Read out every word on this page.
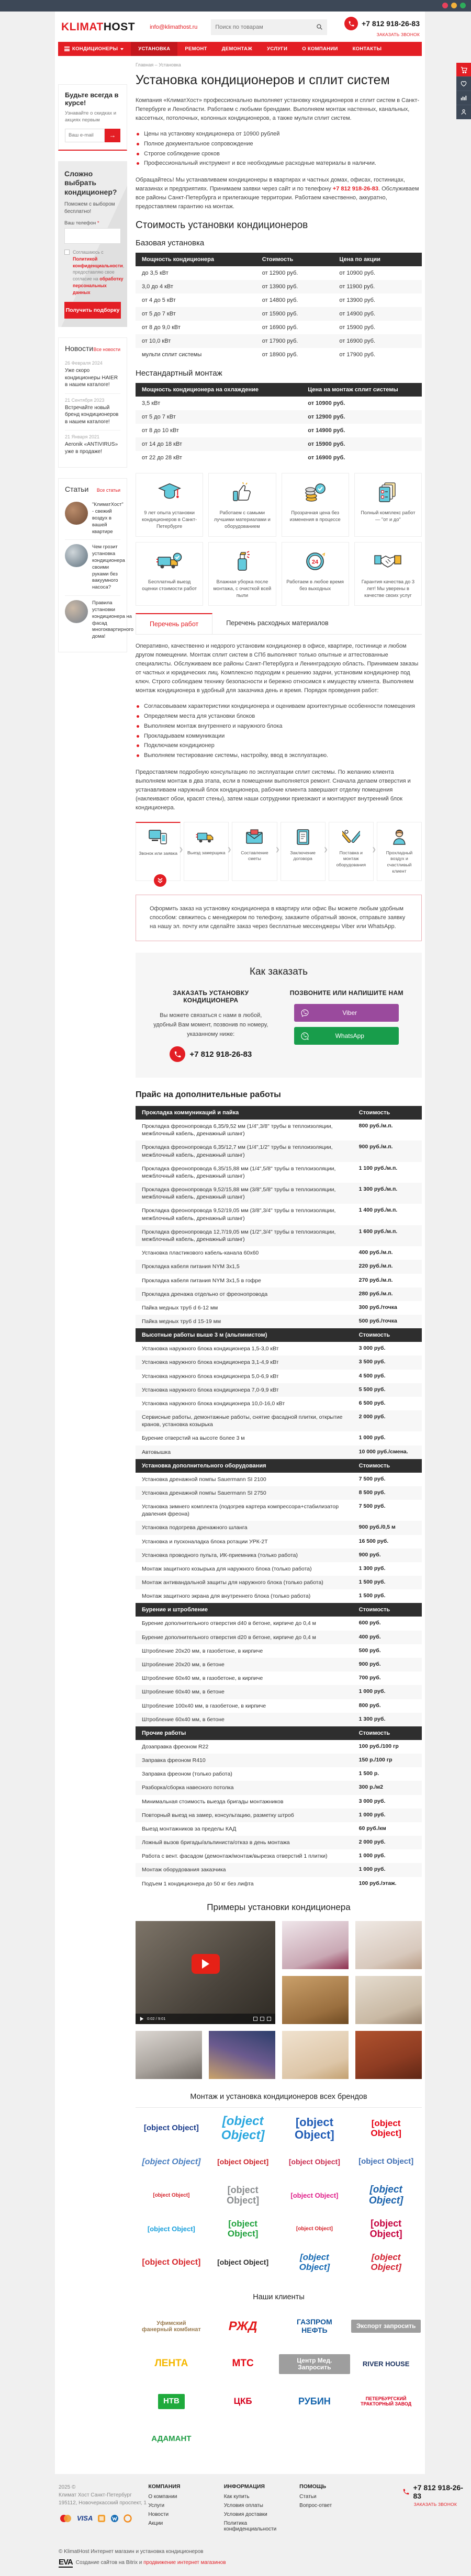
KLIMATHOST	info@klimathost.ru
Поиск по товарам	+7 812 918-26-83
ЗАКАЗАТЬ ЗВОНОК
КОНДИЦИОНЕРЫ	УСТАНОВКА	РЕМОНТ	ДЕМОНТАЖ	УСЛУГИ	О КОМПАНИИ	КОНТАКТЫ
Будьте всегда в курсе!
Узнавайте о скидках и акциях первым
Ваш e-mail
→
Сложно выбрать кондиционер?
Поможем с выбором бесплатно!
Ваш телефон *
Соглашаюсь с Политикой конфиденциальности, предоставляю свое согласие на обработку персональных данных
Получить подборку
Новости Все новости
26 Февраля 2024
Уже скоро кондиционеры HAIER в нашем каталоге!
21 Сентября 2023
Встречайте новый бренд кондиционеров в нашем каталоге!
21 Января 2021
Aeronik «ANTIVIRUS» уже в продаже!
Статьи Все статьи
"КлиматХост" - свежий воздух в вашей квартире
Чем грозит установка кондиционера своими руками без вакуумного насоса?
Правила установки кондиционера на фасад многоквартирного дома!
Главная – Установка
Установка кондиционеров и сплит систем

Компания «КлиматХост» профессионально выполняет установку кондиционеров и сплит систем в Санкт-Петербурге и Ленобласти. Работаем с любыми брендами. Выполняем монтаж настенных, канальных, кассетных, потолочных, колонных кондиционеров, а также мульти сплит систем.

Цены на установку кондиционера от 10900 рублей
Полное документальное сопровождение
Строгое соблюдение сроков
Профессиональный инструмент и все необходимые расходные материалы в наличии.

Обращайтесь! Мы устанавливаем кондиционеры в квартирах и частных домах, офисах, гостиницах, магазинах и предприятиях. Принимаем заявки через сайт и по телефону +7 812 918-26-83. Обслуживаем все районы Санкт-Петербурга и прилегающие территории. Работаем качественно, аккуратно, предоставляем гарантию на монтаж.

Стоимость установки кондиционеров
Базовая установка
Мощность кондиционера	Стоимость	Цена по акции
до 3,5 кВт	от 12900 руб.	от 10900 руб.
3,0 до 4 кВт	от 13900 руб.	от 11900 руб.
от 4 до 5 кВт	от 14800 руб.	от 13900 руб.
от 5 до 7 кВт	от 15900 руб.	от 14900 руб.
от 8 до 9,0 кВт	от 16900 руб.	от 15900 руб.
от 10,0 кВт	от 17900 руб.	от 16900 руб.
мульти сплит системы	от 18900 руб.	от 17900 руб.
Нестандартный монтаж
Мощность кондиционера на охлаждение	Цена на монтаж сплит системы
3,5 кВт	от 10900 руб.
от 5 до 7 кВт	от 12900 руб.
от 8 до 10 кВт	от 14900 руб.
от 14 до 18 кВт	от 15900 руб.
от 22 до 28 кВт	от 16900 руб.
9 лет опыта установки кондиционеров в Санкт-Петербурге
Работаем с самыми лучшими материалами и оборудованием
Прозрачная цена без изменения в процессе
Полный комплекс работ — "от и до"
Бесплатный выезд оценки стоимости работ
Влажная уборка после монтажа, с очисткой всей пыли
24
Работаем в любое время без выходных
Гарантия качества до 3 лет! Мы уверены в качестве своих услуг
Перечень работ	Перечень расходных материалов

Оперативно, качественно и недорого установим кондиционер в офисе, квартире, гостинице и любом другом помещении. Монтаж сплит систем в СПб выполняют только опытные и аттестованные специалисты. Обслуживаем все районы Санкт-Петербурга и Ленинградскую область. Принимаем заказы от частных и юридических лиц. Комплексно подходим к решению задачи, установим кондиционер под ключ. Строго соблюдаем технику безопасности и бережно относимся к имуществу клиента. Выполняем монтаж кондиционера в удобный для заказчика день и время. Порядок проведения работ:

Согласовываем характеристики кондиционера и оцениваем архитектурные особенности помещения
Определяем места для установки блоков
Выполняем монтаж внутреннего и наружного блока
Прокладываем коммуникации
Подключаем кондиционер
Выполняем тестирование системы, настройку, ввод в эксплуатацию.

Предоставляем подробную консультацию по эксплуатации сплит системы. По желанию клиента выполняем монтаж в два этапа, если в помещении выполняется ремонт. Сначала делаем отверстия и устанавливаем наружный блок кондиционера, рабочие клиента завершают отделку помещения (наклеивают обои, красят стены), затем наши сотрудники приезжают и монтируют внутренний блок кондиционера.

Звонок или заявка
❯ Выезд замерщика
❯
Составление сметы
❯
Заключение договора
❯
Поставка и монтаж оборудования
❯
Прохладный воздух и счастливый клиент

Оформить заказ на установку кондиционера в квартиру или офис Вы можете любым удобным способом: свяжитесь с менеджером по телефону, закажите обратный звонок, отправьте заявку на нашу эл. почту или сделайте заказ через бесплатные мессенджеры Viber или WhatsApp.

Как заказать
ЗАКАЗАТЬ УСТАНОВКУ КОНДИЦИОНЕРА
Вы можете связаться с нами в любой, удобный Вам момент, позвонив по номеру, указанному ниже:
+7 812 918-26-83
ПОЗВОНИТЕ ИЛИ НАПИШИТЕ НАМ
Viber
WhatsApp
Прайс на дополнительные работы
Прокладка коммуникаций и пайка	Стоимость
Прокладка фреонопровода 6,35/9,52 мм (1/4",3/8" трубы в теплоизоляции, межблочный кабель, дренажный шланг)
800 руб./м.п.
Прокладка фреонопровода 6,35/12,7 мм (1/4",1/2" трубы в теплоизоляции, межблочный кабель, дренажный шланг)
900 руб./м.п.
Прокладка фреонопровода 6,35/15,88 мм (1/4",5/8" трубы в теплоизоляции, межблочный кабель, дренажный шланг)
1 100 руб./м.п.
Прокладка фреонопровода 9,52/15,88 мм (3/8",5/8" трубы в теплоизоляции, межблочный кабель, дренажный шланг)
1 300 руб./м.п.
Прокладка фреонопровода 9,52/19,05 мм (3/8",3/4" трубы в теплоизоляции, межблочный кабель, дренажный шланг)
1 400 руб./м.п.
Прокладка фреонопровода 12,7/19,05 мм (1/2",3/4" трубы в теплоизоляции, межблочный кабель, дренажный шланг)
1 600 руб./м.п.
Установка пластикового кабель-канала 60х60	400 руб./м.п.
Прокладка кабеля питания NYM 3х1,5	220 руб./м.п.
Прокладка кабеля питания NYM 3х1,5 в гофре	270 руб./м.п.
Прокладка дренажа отдельно от фреонопровода	280 руб./м.п.
Пайка медных труб d 6-12 мм	300 руб./точка
Пайка медных труб d 15-19 мм	500 руб./точка
Высотные работы выше 3 м (альпинистом)	Стоимость
Установка наружного блока кондиционера 1,5-3,0 кВт	3 000 руб.
Установка наружного блока кондиционера 3,1-4,9 кВт	3 500 руб.
Установка наружного блока кондиционера 5,0-6,9 кВт	4 500 руб.
Установка наружного блока кондиционера 7,0-9,9 кВт	5 500 руб.
Установка наружного блока кондиционера 10,0-16,0 кВт	6 500 руб.
Сервисные работы, демонтажные работы, снятие фасадной плитки, открытие кранов, установка козырька
2 000 руб.
Бурение отверстий на высоте более 3 м	1 000 руб.
Автовышка	10 000 руб./смена.
Установка дополнительного оборудования	Стоимость
Установка дренажной помпы Sauermann SI 2100	7 500 руб.
Установка дренажной помпы Sauermann SI 2750	8 500 руб.
Установка зимнего комплекта (подогрев картера компрессора+стабилизатор давления фреона)
7 500 руб.
Установка подогрева дренажного шланга	900 руб./0,5 м
Установка и пусконаладка блока ротации УРК-2Т	16 500 руб.
Установка проводного пульта, ИК-приемника (только работа)	900 руб.
Монтаж защитного козырька для наружного блока (только работа)	1 300 руб.
Монтаж антивандальной защиты для наружного блока (только работа)	1 500 руб.
Монтаж защитного экрана для внутреннего блока (только работа)	1 500 руб.
Бурение и штробление	Стоимость
Бурение дополнительного отверстия d40 в бетоне, кирпиче до 0,4 м	600 руб.
Бурение дополнительного отверстия d20 в бетоне, кирпиче до 0,4 м	400 руб.
Штробление 20х20 мм, в газобетоне, в кирпиче	500 руб.
Штробление 20х20 мм, в бетоне	900 руб.
Штробление 60х40 мм, в газобетоне, в кирпиче	700 руб.
Штробление 60х40 мм, в бетоне	1 000 руб.
Штробление 100х40 мм, в газобетоне, в кирпиче	800 руб.
Штробление 60х40 мм, в бетоне	1 300 руб.
Прочие работы	Стоимость
Дозаправка фреоном R22	100 руб./100 гр
Заправка фреоном R410	150 р./100 гр
Заправка фреоном (только работа)	1 500 р.
Разборка/сборка навесного потолка	300 р./м2
Минимальная стоимость выезда бригады монтажников	3 000 руб.
Повторный выезд на замер, консультацию, разметку штроб	1 000 руб.
Выезд монтажников за пределы КАД	60 руб./км
Ложный вызов бригады/альпиниста/отказ в день монтажа	2 000 руб.
Работа с вент. фасадом (демонтаж/монтаж/вырезка отверстий 1 плитки)	1 000 руб.
Монтаж оборудования заказчика	1 000 руб.
Подъем 1 кондиционера до 50 кг без лифта	100 руб./этаж.
Примеры установки кондиционера
0:02 / 9:01
Монтаж и установка кондиционеров всех брендов
[object Object]	[object Object]
[object Object]
[object Object]
[object Object]	[object Object]	[object Object]	[object Object]
[object Object]
[object Object]	[object Object]
[object Object]
[object Object]
[object Object]	[object Object]
[object Object]
[object Object]	[object Object]	[object Object]
[object Object]
Наши клиенты
Уфимский фанерный комбинат	РЖД	ГАЗПРОМ НЕФТЬ	Экспорт запросить
ЛЕНТА	МТС	Центр Мед. Запросить	RIVER HOUSE
НТВ	ЦКБ	РУБИН	ПЕТЕРБУРГСКИЙ ТРАКТОРНЫЙ ЗАВОД
АДАМАНТ
2025 ©
Климат Хост Санкт-Петербург 195112, Новочеркасский проспект, 1
VISA
КОМПАНИЯ
О компании
Услуги
Новости
Акции
ИНФОРМАЦИЯ
Как купить
Условия оплаты
Условия доставки
Политика конфиденциальности
ПОМОЩЬ
Статьи
Вопрос-ответ
+7 812 918-26-83
ЗАКАЗАТЬ ЗВОНОК
© KlimatHost Интернет магазин и установка кондиционеров
EVA Создание сайтов на Bitrix и продвижение интернет магазинов
